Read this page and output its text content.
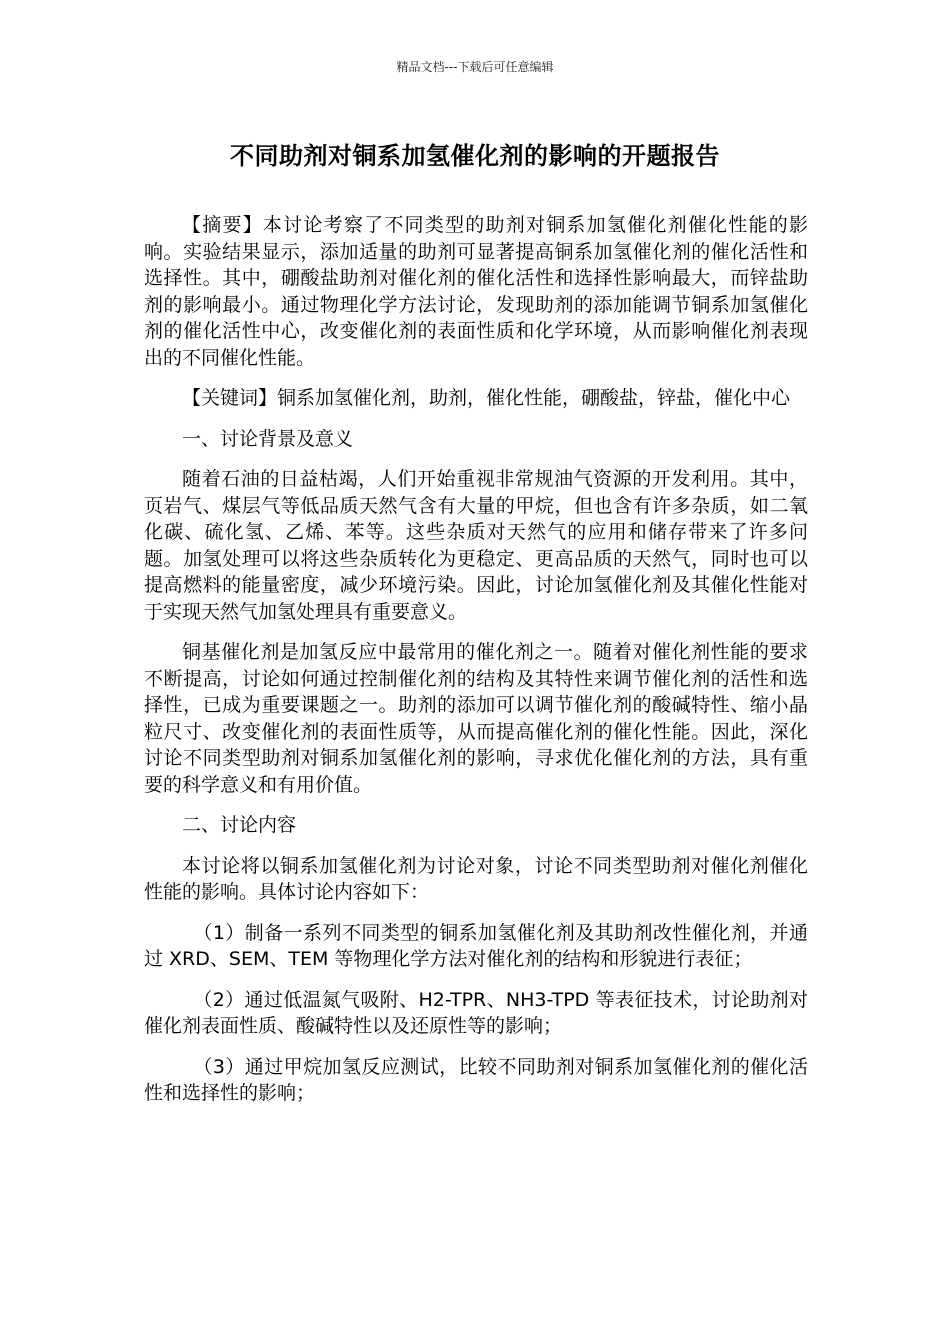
精品文档---下载后可任意编辑
不同助剂对铜系加氢催化剂的影响的开题报告

【摘要】本讨论考察了不同类型的助剂对铜系加氢催化剂催化性能的影响。实验结果显示，添加适量的助剂可显著提高铜系加氢催化剂的催化活性和选择性。其中，硼酸盐助剂对催化剂的催化活性和选择性影响最大，而锌盐助剂的影响最小。通过物理化学方法讨论，发现助剂的添加能调节铜系加氢催化剂的催化活性中心，改变催化剂的表面性质和化学环境，从而影响催化剂表现出的不同催化性能。

【关键词】铜系加氢催化剂，助剂，催化性能，硼酸盐，锌盐，催化中心

一、讨论背景及意义

随着石油的日益枯竭，人们开始重视非常规油气资源的开发利用。其中，页岩气、煤层气等低品质天然气含有大量的甲烷，但也含有许多杂质，如二氧化碳、硫化氢、乙烯、苯等。这些杂质对天然气的应用和储存带来了许多问题。加氢处理可以将这些杂质转化为更稳定、更高品质的天然气，同时也可以提高燃料的能量密度，减少环境污染。因此，讨论加氢催化剂及其催化性能对于实现天然气加氢处理具有重要意义。

铜基催化剂是加氢反应中最常用的催化剂之一。随着对催化剂性能的要求不断提高，讨论如何通过控制催化剂的结构及其特性来调节催化剂的活性和选择性，已成为重要课题之一。助剂的添加可以调节催化剂的酸碱特性、缩小晶粒尺寸、改变催化剂的表面性质等，从而提高催化剂的催化性能。因此，深化讨论不同类型助剂对铜系加氢催化剂的影响，寻求优化催化剂的方法，具有重要的科学意义和有用价值。

二、讨论内容

本讨论将以铜系加氢催化剂为讨论对象，讨论不同类型助剂对催化剂催化性能的影响。具体讨论内容如下：

（1）制备一系列不同类型的铜系加氢催化剂及其助剂改性催化剂，并通过 XRD、SEM、TEM 等物理化学方法对催化剂的结构和形貌进行表征；

（2）通过低温氮气吸附、H2-TPR、NH3-TPD 等表征技术，讨论助剂对催化剂表面性质、酸碱特性以及还原性等的影响；

（3）通过甲烷加氢反应测试，比较不同助剂对铜系加氢催化剂的催化活性和选择性的影响；
